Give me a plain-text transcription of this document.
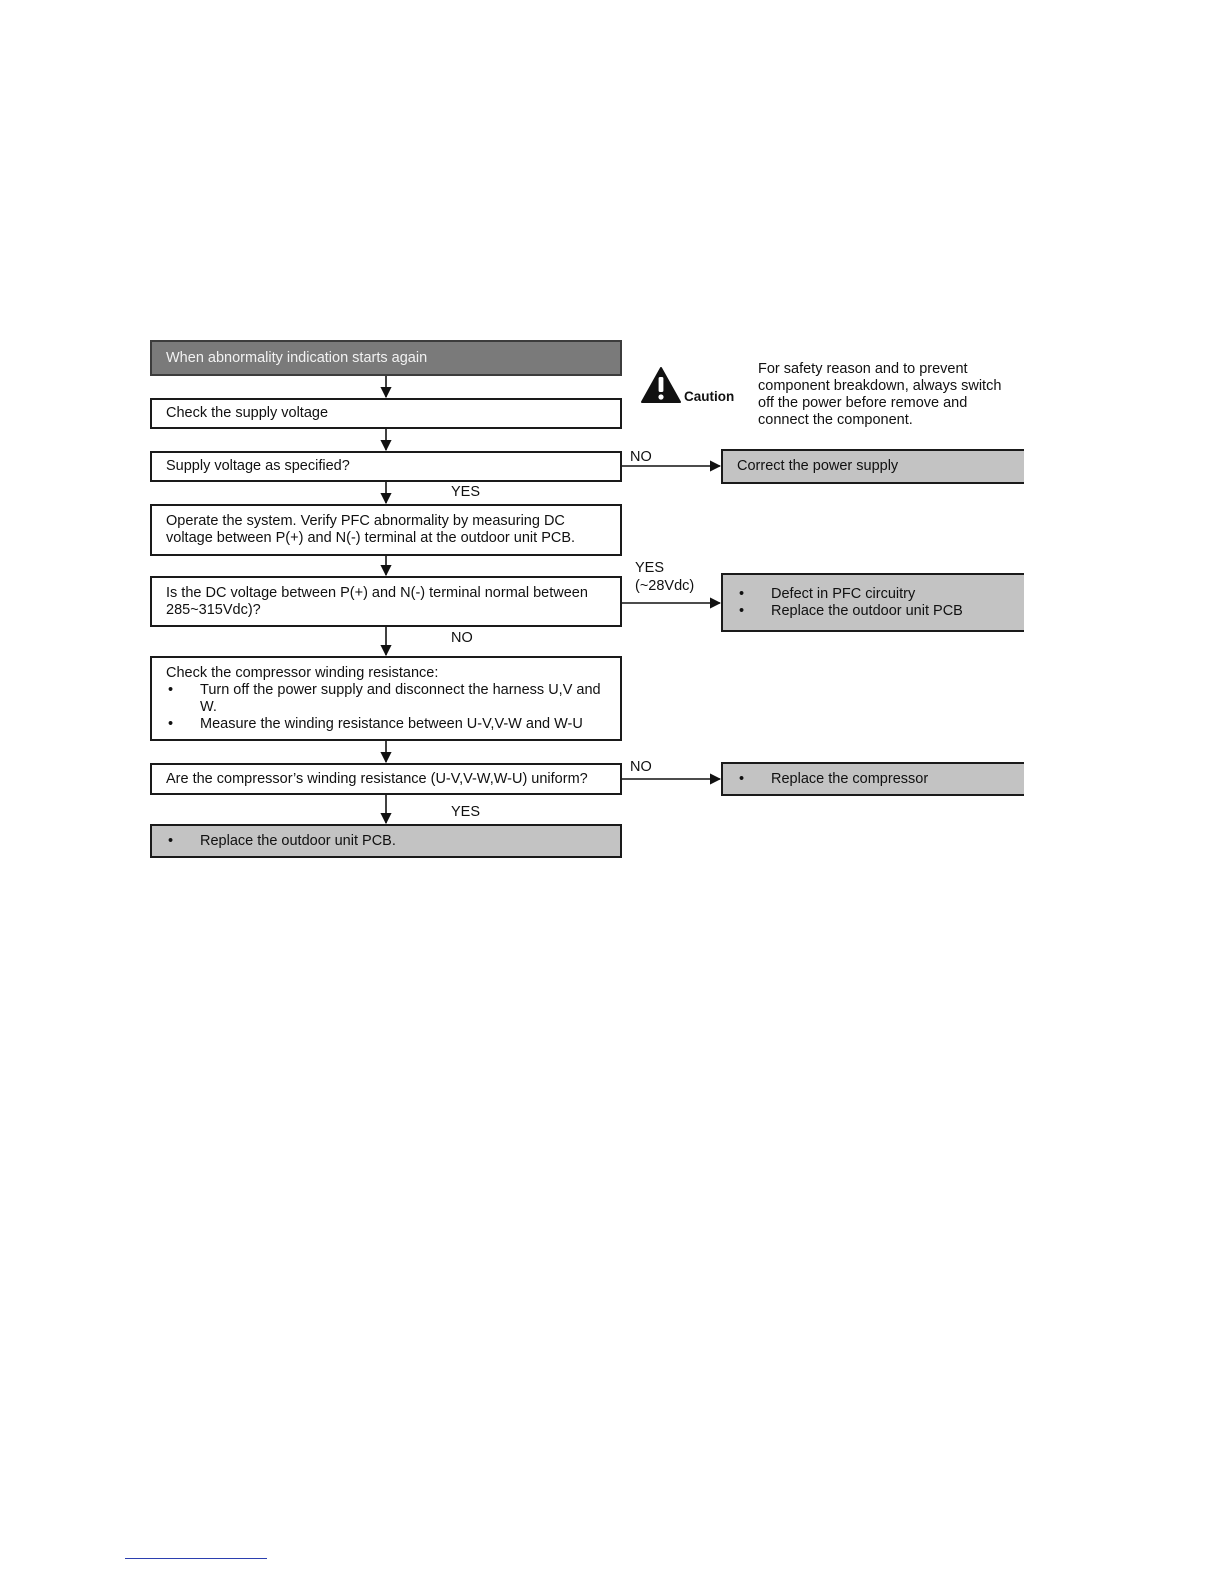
Caution
For safety reason and to prevent component breakdown, always switch off the power before remove and connect the component.
When abnormality indication starts again
Check the supply voltage
Supply voltage as specified?
Operate the system. Verify PFC abnormality by measuring DC voltage between P(+) and N(-) terminal at the outdoor unit PCB.
Is the DC voltage between P(+) and N(-) terminal normal between 285~315Vdc)?
Check the compressor winding resistance:
• Turn off the power supply and disconnect the harness U,V and W.
• Measure the winding resistance between U-V,V-W and W-U
Are the compressor’s winding resistance (U-V,V-W,W-U) uniform?
• Replace the outdoor unit PCB.
Correct the power supply
• Defect in PFC circuitry
• Replace the outdoor unit PCB
• Replace the compressor
NO
YES
YES
(~28Vdc)
NO
NO
YES
